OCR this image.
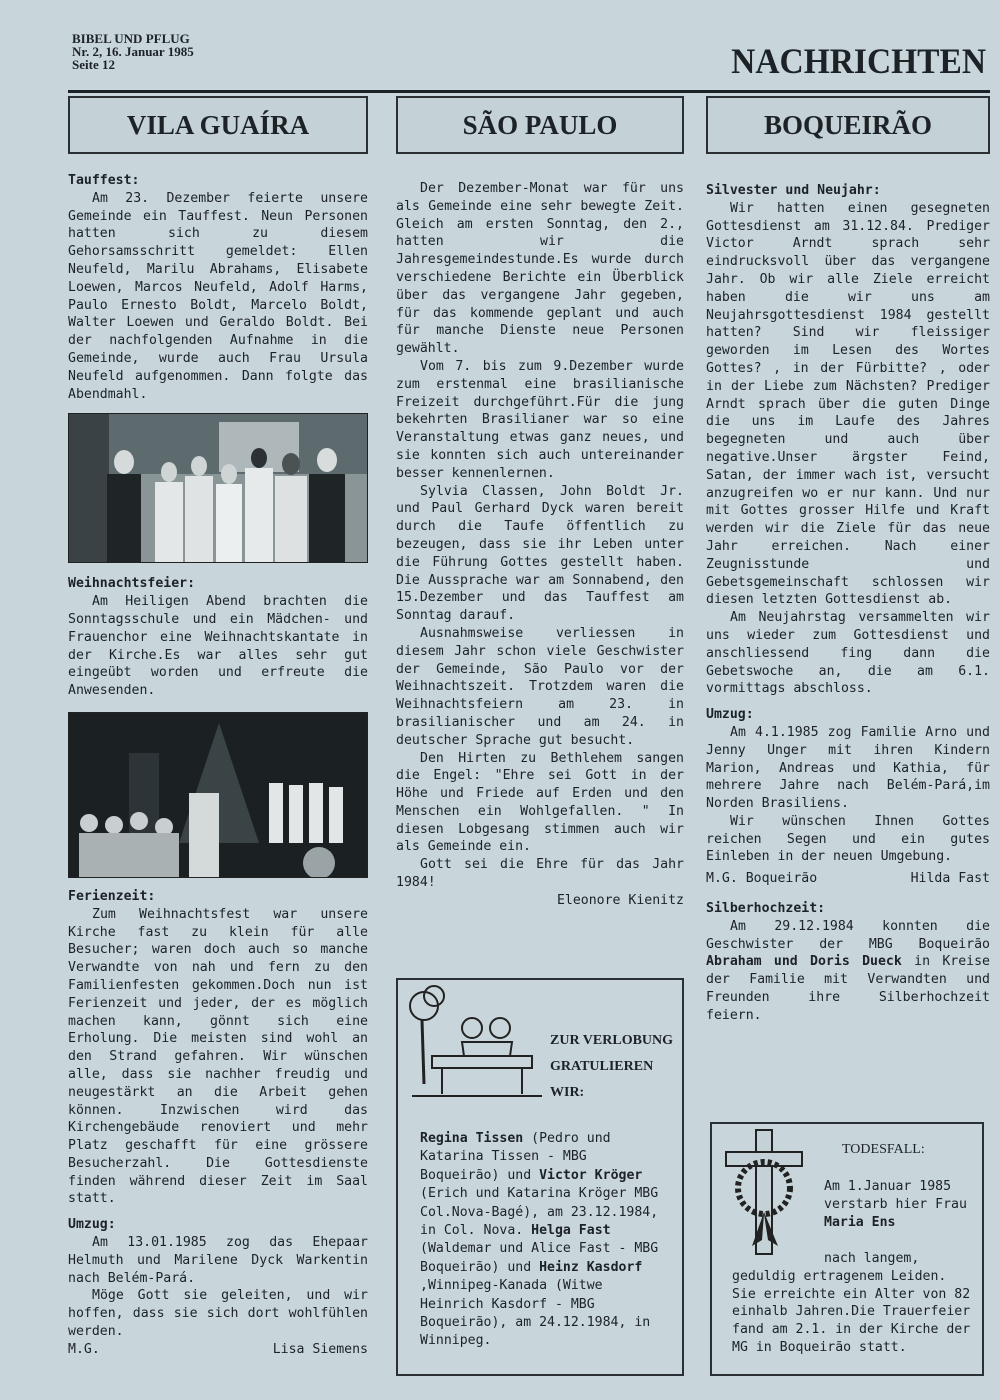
BIBEL UND PFLUG
Nr. 2, 16. Januar 1985
Seite 12	NACHRICHTEN
VILA GUAÍRA
Tauffest:

Am 23. Dezember feierte unsere Gemeinde ein Tauffest. Neun Personen hatten sich zu diesem Gehorsamsschritt gemeldet: Ellen Neufeld, Marilu Abrahams, Elisabete Loewen, Marcos Neufeld, Adolf Harms, Paulo Ernesto Boldt, Marcelo Boldt, Walter Loewen und Geraldo Boldt. Bei der nachfolgenden Aufnahme in die Gemeinde, wurde auch Frau Ursula Neufeld aufgenommen. Dann folgte das Abendmahl.

Weihnachtsfeier:

Am Heiligen Abend brachten die Sonntagsschule und ein Mädchen- und Frauenchor eine Weihnachtskantate in der Kirche.Es war alles sehr gut eingeübt worden und erfreute die Anwesenden.

Ferienzeit:

Zum Weihnachtsfest war unsere Kirche fast zu klein für alle Besucher; waren doch auch so manche Verwandte von nah und fern zu den Familienfesten gekommen.Doch nun ist Ferienzeit und jeder, der es möglich machen kann, gönnt sich eine Erholung. Die meisten sind wohl an den Strand gefahren. Wir wünschen alle, dass sie nachher freudig und neugestärkt an die Arbeit gehen können. Inzwischen wird das Kirchengebäude renoviert und mehr Platz geschafft für eine grössere Besucherzahl. Die Gottesdienste finden während dieser Zeit im Saal statt.

Umzug:

Am 13.01.1985 zog das Ehepaar Helmuth und Marilene Dyck Warkentin nach Belém-Pará.

Möge Gott sie geleiten, und wir hoffen, dass sie sich dort wohlfühlen werden.

M.G.	Lisa Siemens
SÃO PAULO

Der Dezember-Monat war für uns als Gemeinde eine sehr bewegte Zeit. Gleich am ersten Sonntag, den 2., hatten wir die Jahresgemeindestunde.Es wurde durch verschiedene Berichte ein Überblick über das vergangene Jahr gegeben, für das kommende geplant und auch für manche Dienste neue Personen gewählt.

Vom 7. bis zum 9.Dezember wurde zum erstenmal eine brasilianische Freizeit durchgeführt.Für die jung bekehrten Brasilianer war so eine Veranstaltung etwas ganz neues, und sie konnten sich auch untereinander besser kennenlernen.

Sylvia Classen, John Boldt Jr. und Paul Gerhard Dyck waren bereit durch die Taufe öffentlich zu bezeugen, dass sie ihr Leben unter die Führung Gottes gestellt haben. Die Aussprache war am Sonnabend, den 15.Dezember und das Tauffest am Sonntag darauf.

Ausnahmsweise verliessen in diesem Jahr schon viele Geschwister der Gemeinde, São Paulo vor der Weihnachtszeit. Trotzdem waren die Weihnachtsfeiern am 23. in brasilianischer und am 24. in deutscher Sprache gut besucht.

Den Hirten zu Bethlehem sangen die Engel: "Ehre sei Gott in der Höhe und Friede auf Erden und den Menschen ein Wohlgefallen. " In diesen Lobgesang stimmen auch wir als Gemeinde ein.

Gott sei die Ehre für das Jahr 1984!

Eleonore Kienitz
ZUR VERLOBUNG
GRATULIEREN
WIR:
Regina Tissen (Pedro und Katarina Tissen - MBG Boqueirão) und Victor Kröger (Erich und Katarina Kröger MBG Col.Nova-Bagé), am 23.12.1984, in Col. Nova. Helga Fast (Waldemar und Alice Fast - MBG Boqueirão) und Heinz Kasdorf ,Winnipeg-Kanada (Witwe Heinrich Kasdorf - MBG Boqueirão), am 24.12.1984, in Winnipeg.
BOQUEIRÃO
Silvester und Neujahr:

Wir hatten einen gesegneten Gottesdienst am 31.12.84. Prediger Victor Arndt sprach sehr eindrucksvoll über das vergangene Jahr. Ob wir alle Ziele erreicht haben die wir uns am Neujahrsgottesdienst 1984 gestellt hatten? Sind wir fleissiger geworden im Lesen des Wortes Gottes? , in der Fürbitte? , oder in der Liebe zum Nächsten? Prediger Arndt sprach über die guten Dinge die uns im Laufe des Jahres begegneten und auch über negative.Unser ärgster Feind, Satan, der immer wach ist, versucht anzugreifen wo er nur kann. Und nur mit Gottes grosser Hilfe und Kraft werden wir die Ziele für das neue Jahr erreichen. Nach einer Zeugnisstunde und Gebetsgemeinschaft schlossen wir diesen letzten Gottesdienst ab.

Am Neujahrstag versammelten wir uns wieder zum Gottesdienst und anschliessend fing dann die Gebetswoche an, die am 6.1. vormittags abschloss.

Umzug:

Am 4.1.1985 zog Familie Arno und Jenny Unger mit ihren Kindern Marion, Andreas und Kathia, für mehrere Jahre nach Belém-Pará,im Norden Brasiliens.

Wir wünschen Ihnen Gottes reichen Segen und ein gutes Einleben in der neuen Umgebung.

M.G. Boqueirão	Hilda Fast
Silberhochzeit:

Am 29.12.1984 konnten die Geschwister der MBG Boqueirão Abraham und Doris Dueck in Kreise der Familie mit Verwandten und Freunden ihre Silberhochzeit feiern.

TODESFALL:
Am 1.Januar 1985 verstarb hier Frau Maria Ens
nach langem, geduldig ertragenem Leiden. Sie erreichte ein Alter von 82 einhalb Jahren.Die Trauerfeier fand am 2.1. in der Kirche der MG in Boqueirão statt.
